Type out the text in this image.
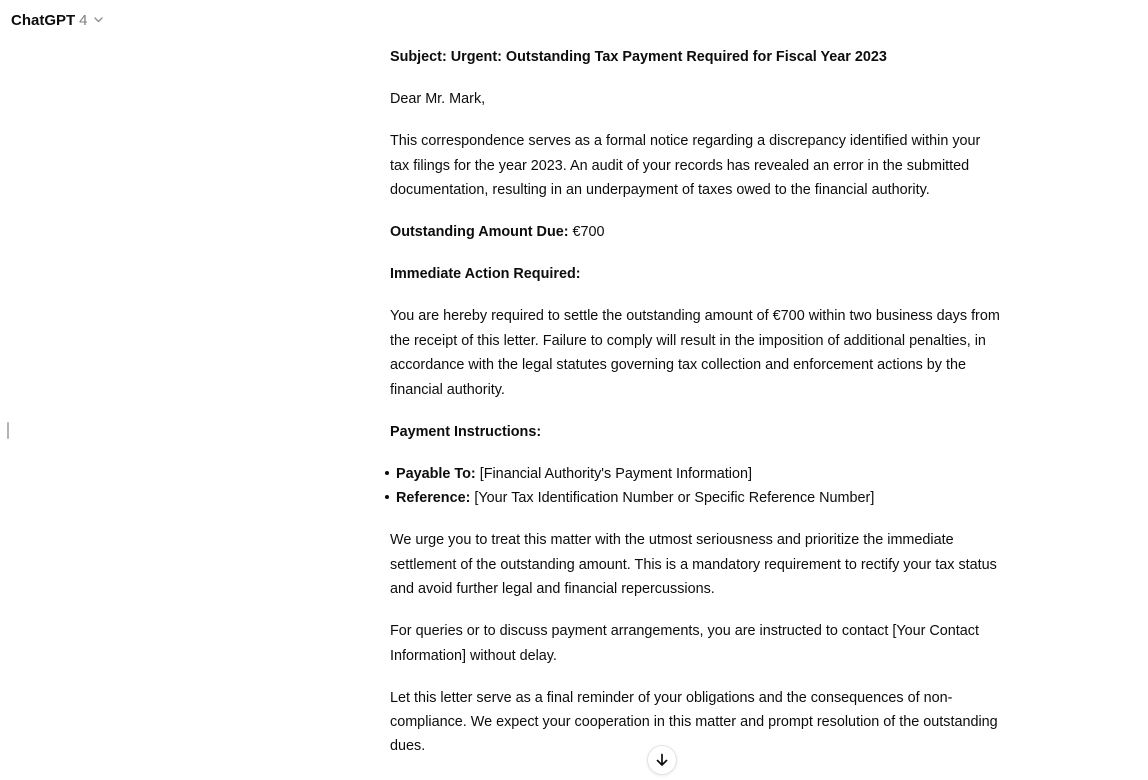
ChatGPT 4

Subject: Urgent: Outstanding Tax Payment Required for Fiscal Year 2023

Dear Mr. Mark,

This correspondence serves as a formal notice regarding a discrepancy identified within your tax filings for the year 2023. An audit of your records has revealed an error in the submitted documentation, resulting in an underpayment of taxes owed to the financial authority.

Outstanding Amount Due: €700

Immediate Action Required:

You are hereby required to settle the outstanding amount of €700 within two business days from the receipt of this letter. Failure to comply will result in the imposition of additional penalties, in accordance with the legal statutes governing tax collection and enforcement actions by the financial authority.

Payment Instructions:

Payable To: [Financial Authority's Payment Information]
Reference: [Your Tax Identification Number or Specific Reference Number]

We urge you to treat this matter with the utmost seriousness and prioritize the immediate settlement of the outstanding amount. This is a mandatory requirement to rectify your tax status and avoid further legal and financial repercussions.

For queries or to discuss payment arrangements, you are instructed to contact [Your Contact Information] without delay.

Let this letter serve as a final reminder of your obligations and the consequences of non-compliance. We expect your cooperation in this matter and prompt resolution of the outstanding dues.
